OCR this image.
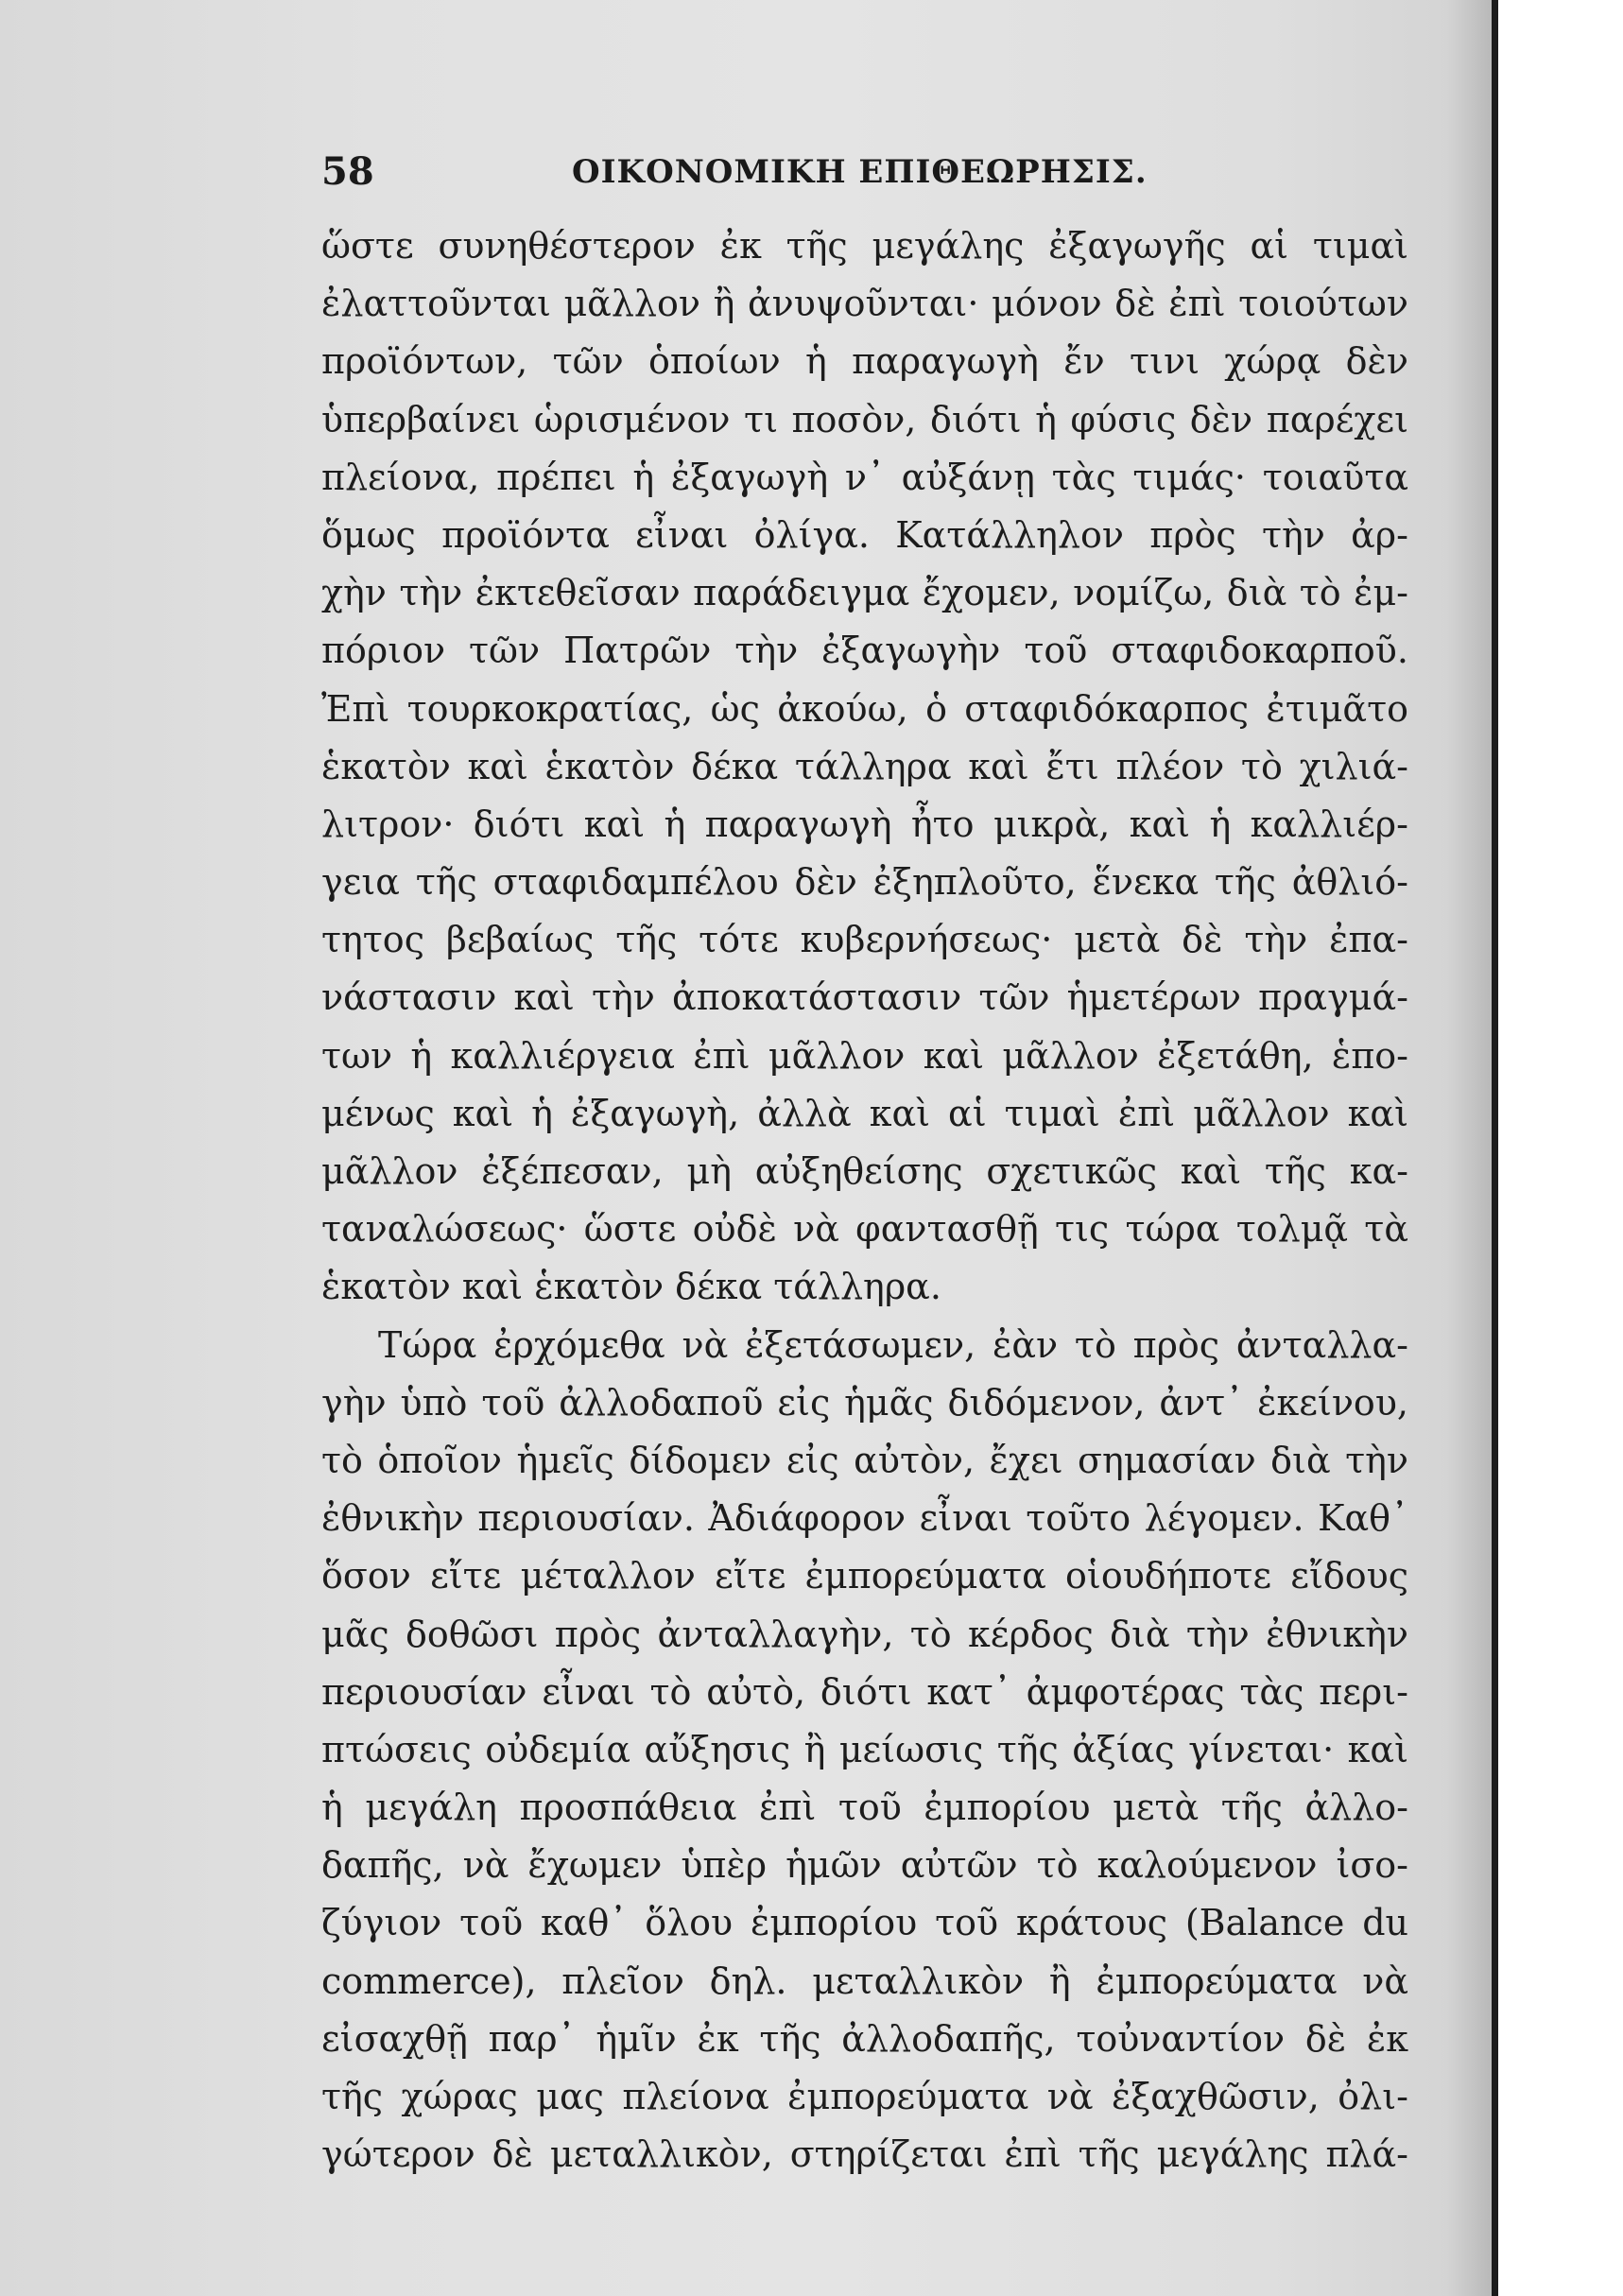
58	ΟΙΚΟΝΟΜΙΚΗ ΕΠΙΘΕΩΡΗΣΙΣ.
ὥστε συνηθέστερον ἐκ τῆς μεγάλης ἐξαγωγῆς αἱ τιμαὶ
ἐλαττοῦνται μᾶλλον ἢ ἀνυψοῦνται· μόνον δὲ ἐπὶ τοιούτων
προϊόντων, τῶν ὁποίων ἡ παραγωγὴ ἔν τινι χώρᾳ δὲν
ὑπερβαίνει ὡρισμένον τι ποσὸν, διότι ἡ φύσις δὲν παρέχει
πλείονα, πρέπει ἡ ἐξαγωγὴ ν᾽ αὐξάνῃ τὰς τιμάς· τοιαῦτα
ὅμως προϊόντα εἶναι ὀλίγα. Κατάλληλον πρὸς τὴν ἀρ-
χὴν τὴν ἐκτεθεῖσαν παράδειγμα ἔχομεν, νομίζω, διὰ τὸ ἐμ-
πόριον τῶν Πατρῶν τὴν ἐξαγωγὴν τοῦ σταφιδοκαρποῦ.
Ἐπὶ τουρκοκρατίας, ὡς ἀκούω, ὁ σταφιδόκαρπος ἐτιμᾶτο
ἑκατὸν καὶ ἑκατὸν δέκα τάλληρα καὶ ἔτι πλέον τὸ χιλιά-
λιτρον· διότι καὶ ἡ παραγωγὴ ἦτο μικρὰ, καὶ ἡ καλλιέρ-
γεια τῆς σταφιδαμπέλου δὲν ἐξηπλοῦτο, ἕνεκα τῆς ἀθλιό-
τητος βεβαίως τῆς τότε κυβερνήσεως· μετὰ δὲ τὴν ἐπα-
νάστασιν καὶ τὴν ἀποκατάστασιν τῶν ἡμετέρων πραγμά-
των ἡ καλλιέργεια ἐπὶ μᾶλλον καὶ μᾶλλον ἐξετάθη, ἑπο-
μένως καὶ ἡ ἐξαγωγὴ, ἀλλὰ καὶ αἱ τιμαὶ ἐπὶ μᾶλλον καὶ
μᾶλλον ἐξέπεσαν, μὴ αὐξηθείσης σχετικῶς καὶ τῆς κα-
ταναλώσεως· ὥστε οὐδὲ νὰ φαντασθῇ τις τώρα τολμᾷ τὰ
ἑκατὸν καὶ ἑκατὸν δέκα τάλληρα.
Τώρα ἐρχόμεθα νὰ ἐξετάσωμεν, ἐὰν τὸ πρὸς ἀνταλλα-
γὴν ὑπὸ τοῦ ἀλλοδαποῦ εἰς ἡμᾶς διδόμενον, ἀντ᾽ ἐκείνου,
τὸ ὁποῖον ἡμεῖς δίδομεν εἰς αὐτὸν, ἔχει σημασίαν διὰ τὴν
ἐθνικὴν περιουσίαν. Ἀδιάφορον εἶναι τοῦτο λέγομεν. Καθ᾽
ὅσον εἴτε μέταλλον εἴτε ἐμπορεύματα οἱουδήποτε εἴδους
μᾶς δοθῶσι πρὸς ἀνταλλαγὴν, τὸ κέρδος διὰ τὴν ἐθνικὴν
περιουσίαν εἶναι τὸ αὐτὸ, διότι κατ᾽ ἀμφοτέρας τὰς περι-
πτώσεις οὐδεμία αὔξησις ἢ μείωσις τῆς ἀξίας γίνεται· καὶ
ἡ μεγάλη προσπάθεια ἐπὶ τοῦ ἐμπορίου μετὰ τῆς ἀλλο-
δαπῆς, νὰ ἔχωμεν ὑπὲρ ἡμῶν αὐτῶν τὸ καλούμενον ἰσο-
ζύγιον τοῦ καθ᾽ ὅλου ἐμπορίου τοῦ κράτους (Balance du
commerce), πλεῖον δηλ. μεταλλικὸν ἢ ἐμπορεύματα νὰ
εἰσαχθῇ παρ᾽ ἡμῖν ἐκ τῆς ἀλλοδαπῆς, τοὐναντίον δὲ ἐκ
τῆς χώρας μας πλείονα ἐμπορεύματα νὰ ἐξαχθῶσιν, ὀλι-
γώτερον δὲ μεταλλικὸν, στηρίζεται ἐπὶ τῆς μεγάλης πλά-
